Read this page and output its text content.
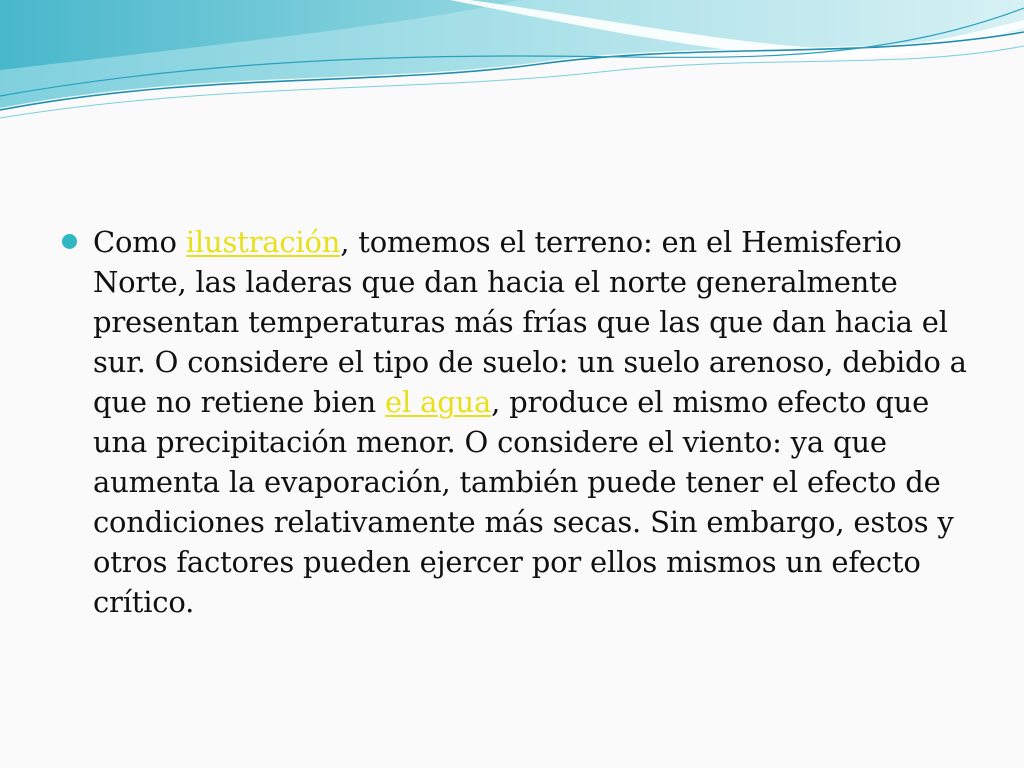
Como ilustración, tomemos el terreno: en el Hemisferio Norte, las laderas que dan hacia el norte generalmente presentan temperaturas más frías que las que dan hacia el sur. O considere el tipo de suelo: un suelo arenoso, debido a que no retiene bien el agua, produce el mismo efecto que una precipitación menor. O considere el viento: ya que aumenta la evaporación, también puede tener el efecto de condiciones relativamente más secas. Sin embargo, estos y otros factores pueden ejercer por ellos mismos un efecto crítico.
